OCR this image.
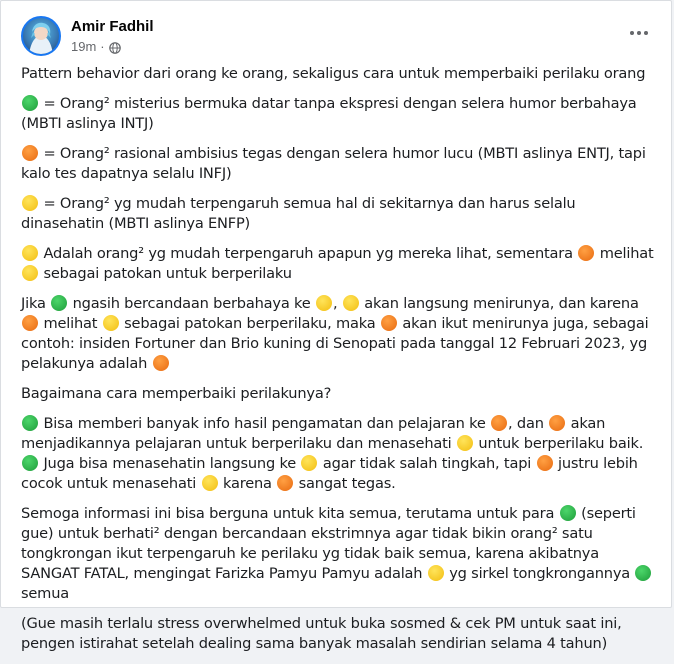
Amir Fadhil
19m ·

Pattern behavior dari orang ke orang, sekaligus cara untuk memperbaiki perilaku orang

= Orang² misterius bermuka datar tanpa ekspresi dengan selera humor berbahaya (MBTI aslinya INTJ)

= Orang² rasional ambisius tegas dengan selera humor lucu (MBTI aslinya ENTJ, tapi kalo tes dapatnya selalu INFJ)

= Orang² yg mudah terpengaruh semua hal di sekitarnya dan harus selalu dinasehatin (MBTI aslinya ENFP)

Adalah orang² yg mudah terpengaruh apapun yg mereka lihat, sementara  melihat  sebagai patokan untuk berperilaku

Jika  ngasih bercandaan berbahaya ke ,  akan langsung menirunya, dan karena  melihat  sebagai patokan berperilaku, maka  akan ikut menirunya juga, sebagai contoh: insiden Fortuner dan Brio kuning di Senopati pada tanggal 12 Februari 2023, yg pelakunya adalah

Bagaimana cara memperbaiki perilakunya?

Bisa memberi banyak info hasil pengamatan dan pelajaran ke , dan  akan menjadikannya pelajaran untuk berperilaku dan menasehati  untuk berperilaku baik.
Juga bisa menasehatin langsung ke  agar tidak salah tingkah, tapi  justru lebih cocok untuk menasehati  karena  sangat tegas.

Semoga informasi ini bisa berguna untuk kita semua, terutama untuk para  (seperti gue) untuk berhati² dengan bercandaan ekstrimnya agar tidak bikin orang² satu tongkrongan ikut terpengaruh ke perilaku yg tidak baik semua, karena akibatnya SANGAT FATAL, mengingat Farizka Pamyu Pamyu adalah  yg sirkel tongkrongannya  semua

(Gue masih terlalu stress overwhelmed untuk buka sosmed & cek PM untuk saat ini, pengen istirahat setelah dealing sama banyak masalah sendirian selama 4 tahun)
